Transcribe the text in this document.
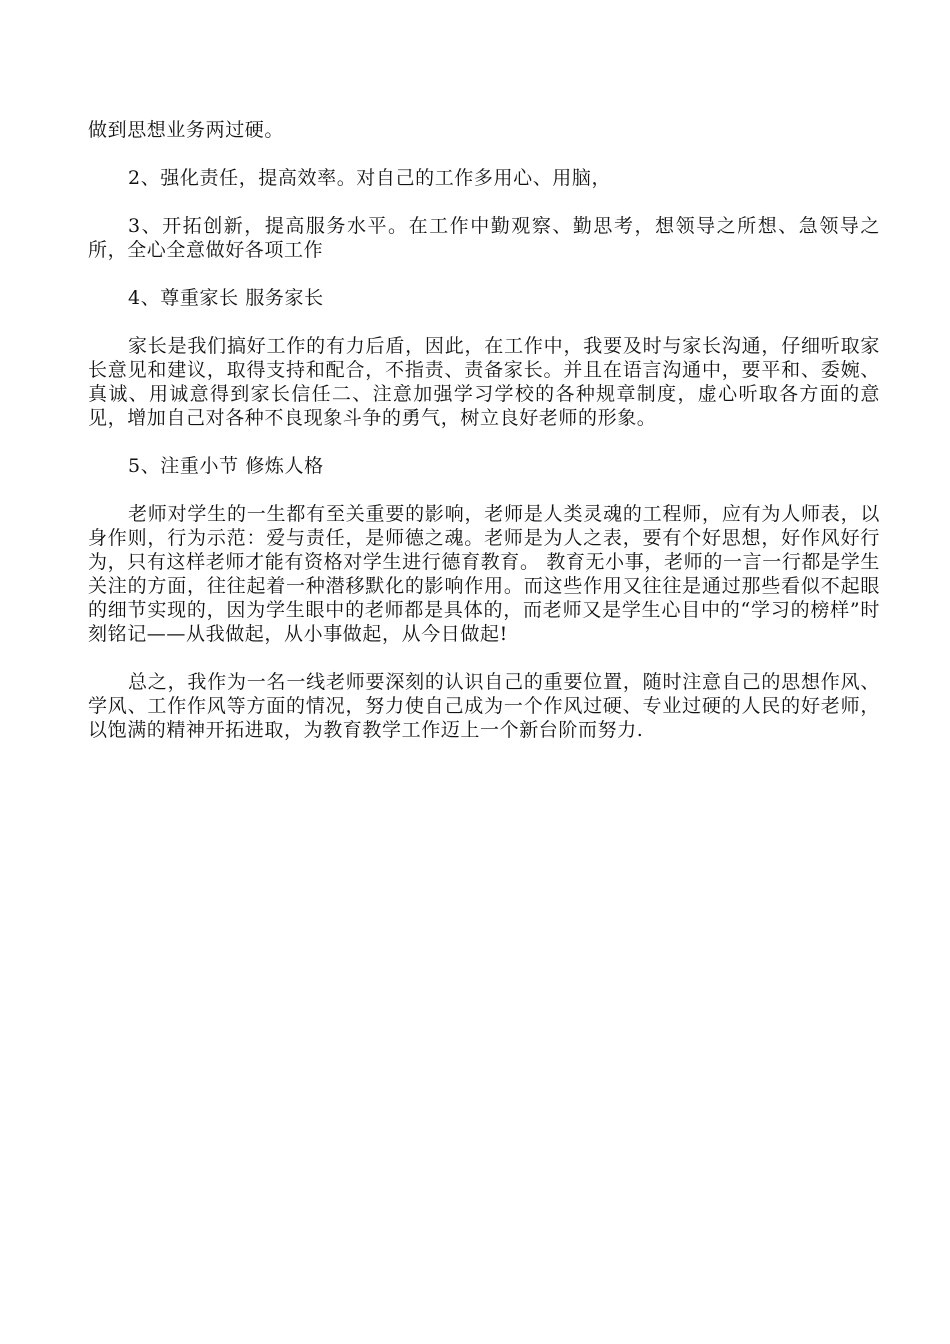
做到思想业务两过硬。

2、强化责任，提高效率。对自己的工作多用心、用脑，

3、开拓创新，提高服务水平。在工作中勤观察、勤思考，想领导之所想、急领导之所，全心全意做好各项工作

4、尊重家长 服务家长

家长是我们搞好工作的有力后盾，因此，在工作中，我要及时与家长沟通，仔细听取家长意见和建议，取得支持和配合，不指责、责备家长。并且在语言沟通中，要平和、委婉、真诚、用诚意得到家长信任二、注意加强学习学校的各种规章制度，虚心听取各方面的意见，增加自己对各种不良现象斗争的勇气，树立良好老师的形象。

5、注重小节 修炼人格

老师对学生的一生都有至关重要的影响，老师是人类灵魂的工程师，应有为人师表，以身作则，行为示范：爱与责任，是师德之魂。老师是为人之表，要有个好思想，好作风好行为，只有这样老师才能有资格对学生进行德育教育。 教育无小事，老师的一言一行都是学生关注的方面，往往起着一种潜移默化的影响作用。而这些作用又往往是通过那些看似不起眼的细节实现的，因为学生眼中的老师都是具体的，而老师又是学生心目中的“学习的榜样”时刻铭记——从我做起，从小事做起，从今日做起!

总之，我作为一名一线老师要深刻的认识自己的重要位置，随时注意自己的思想作风、学风、工作作风等方面的情况，努力使自己成为一个作风过硬、专业过硬的人民的好老师，以饱满的精神开拓进取，为教育教学工作迈上一个新台阶而努力.
